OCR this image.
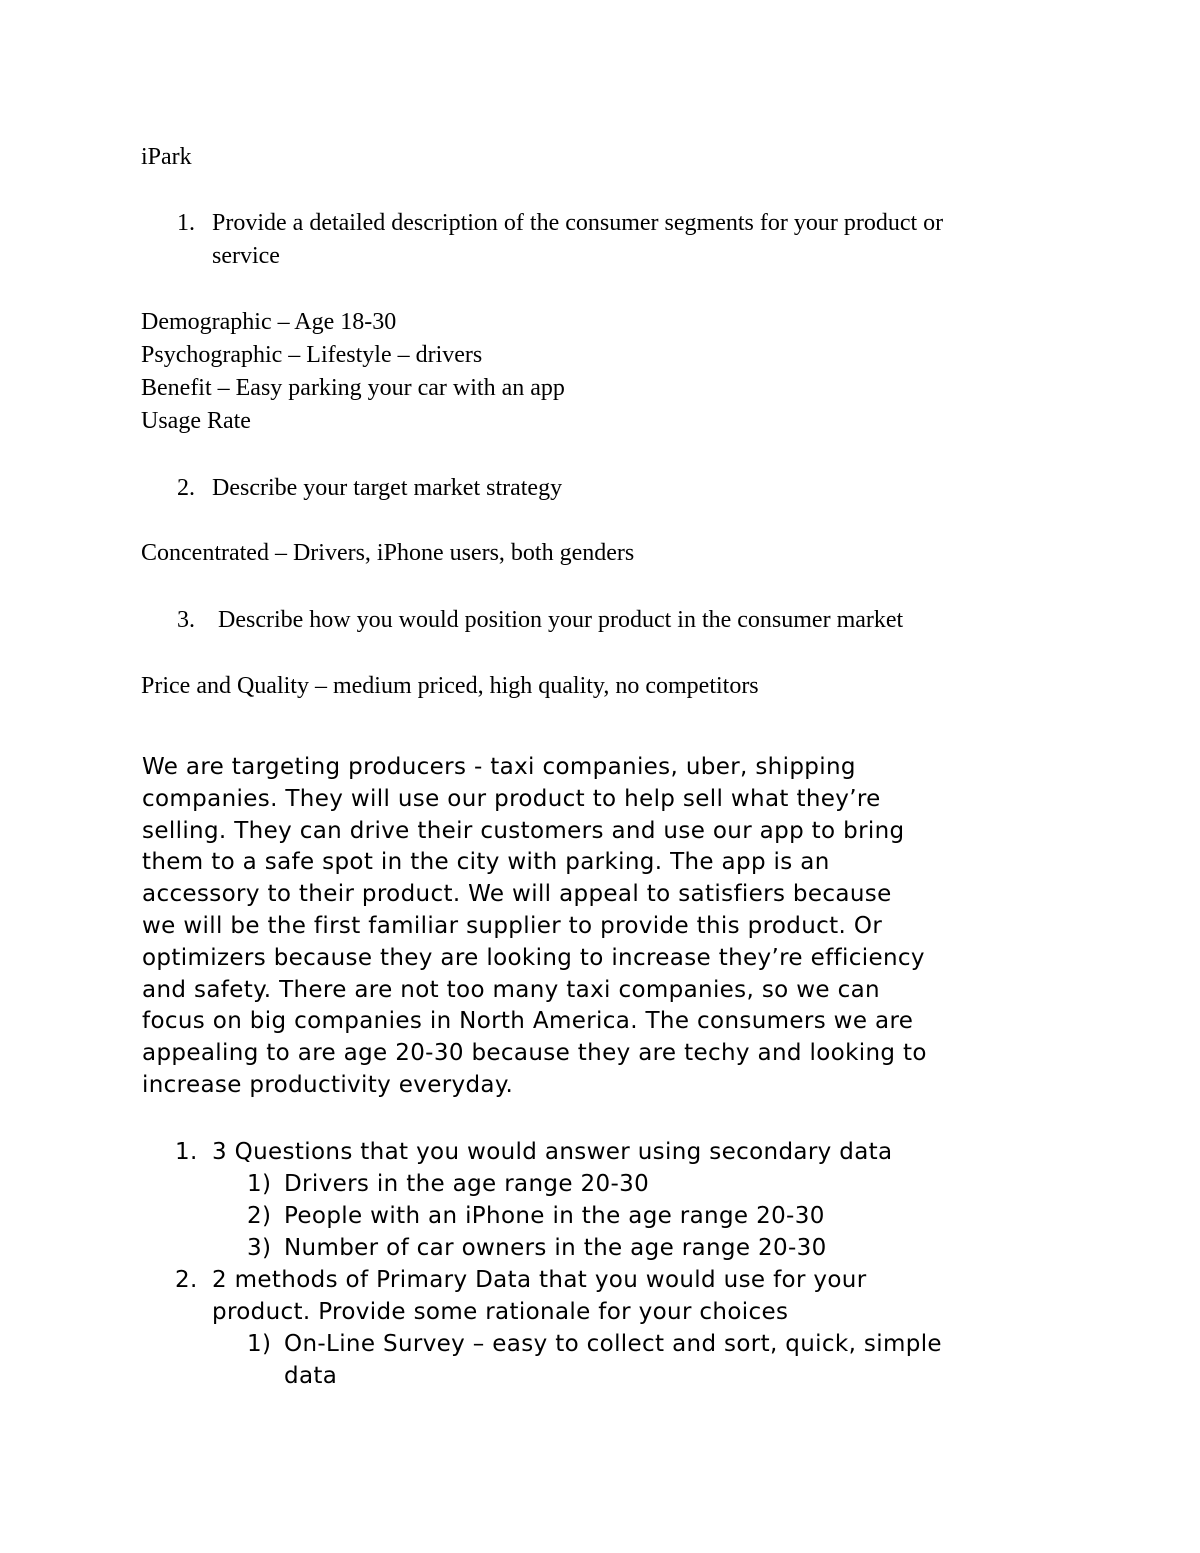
iPark
1. Provide a detailed description of the consumer segments for your product or
service
Demographic – Age 18-30
Psychographic – Lifestyle – drivers
Benefit – Easy parking your car with an app
Usage Rate
2. Describe your target market strategy
Concentrated – Drivers, iPhone users, both genders
3. Describe how you would position your product in the consumer market
Price and Quality – medium priced, high quality, no competitors
We are targeting producers - taxi companies, uber, shipping
companies. They will use our product to help sell what they’re
selling. They can drive their customers and use our app to bring
them to a safe spot in the city with parking. The app is an
accessory to their product. We will appeal to satisfiers because
we will be the first familiar supplier to provide this product. Or
optimizers because they are looking to increase they’re efficiency
and safety. There are not too many taxi companies, so we can
focus on big companies in North America. The consumers we are
appealing to are age 20-30 because they are techy and looking to
increase productivity everyday.
1. 3 Questions that you would answer using secondary data
1) Drivers in the age range 20-30
2) People with an iPhone in the age range 20-30
3) Number of car owners in the age range 20-30
2. 2 methods of Primary Data that you would use for your
product. Provide some rationale for your choices
1) On-Line Survey – easy to collect and sort, quick, simple
data
